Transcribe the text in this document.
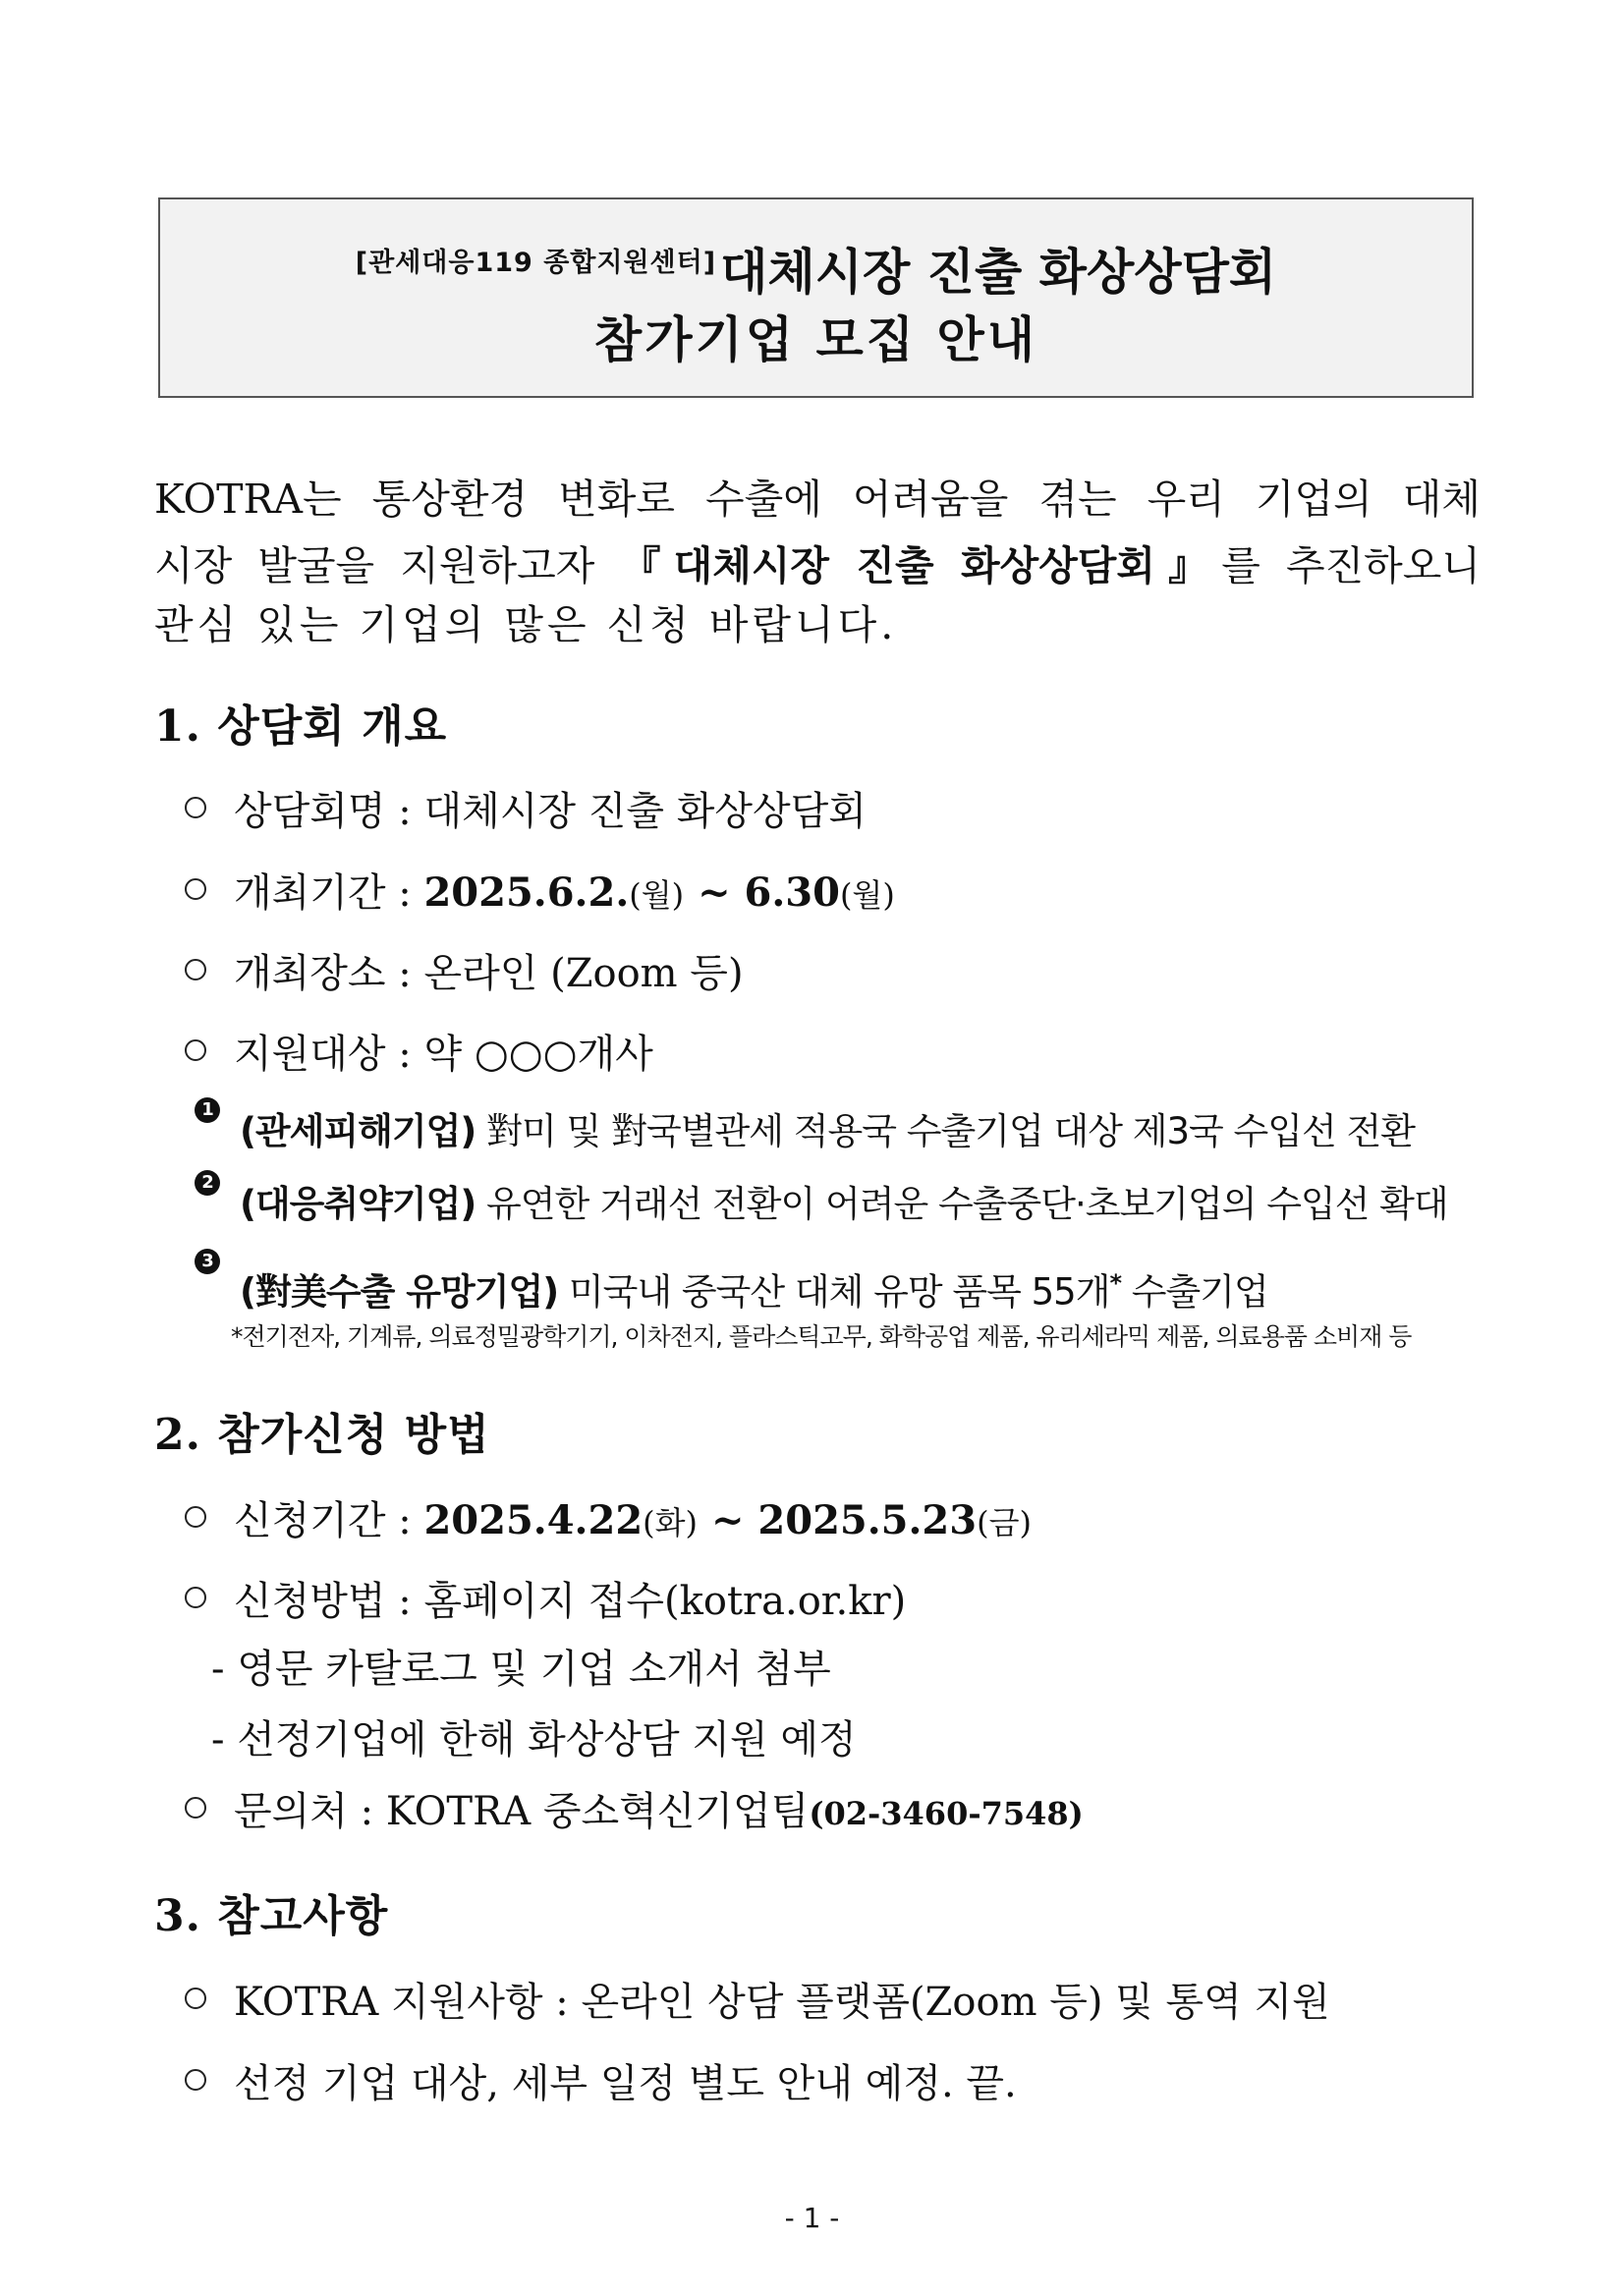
[관세대응119 종합지원센터]대체시장 진출 화상상담회
참가기업 모집 안내
KOTRA는 통상환경 변화로 수출에 어려움을 겪는 우리 기업의 대체
시장 발굴을 지원하고자 『대체시장 진출 화상상담회』를 추진하오니
관심 있는 기업의 많은 신청 바랍니다.
1. 상담회 개요
상담회명 : 대체시장 진출 화상상담회
개최기간 : 2025.6.2.(월) ~ 6.30(월)
개최장소 : 온라인 (Zoom 등)
지원대상 : 약 ○○○개사
1
(관세피해기업) 對미 및 對국별관세 적용국 수출기업 대상 제3국 수입선 전환
2
(대응취약기업) 유연한 거래선 전환이 어려운 수출중단·초보기업의 수입선 확대
3
(對美수출 유망기업) 미국내 중국산 대체 유망 품목 55개* 수출기업
*전기전자, 기계류, 의료정밀광학기기, 이차전지, 플라스틱고무, 화학공업 제품, 유리세라믹 제품, 의료용품 소비재 등
2. 참가신청 방법
신청기간 : 2025.4.22(화) ~ 2025.5.23(금)
신청방법 : 홈페이지 접수(kotra.or.kr)
- 영문 카탈로그 및 기업 소개서 첨부
- 선정기업에 한해 화상상담 지원 예정
문의처 : KOTRA 중소혁신기업팀(02-3460-7548)
3. 참고사항
KOTRA 지원사항 : 온라인 상담 플랫폼(Zoom 등) 및 통역 지원
선정 기업 대상, 세부 일정 별도 안내 예정. 끝.
- 1 -
